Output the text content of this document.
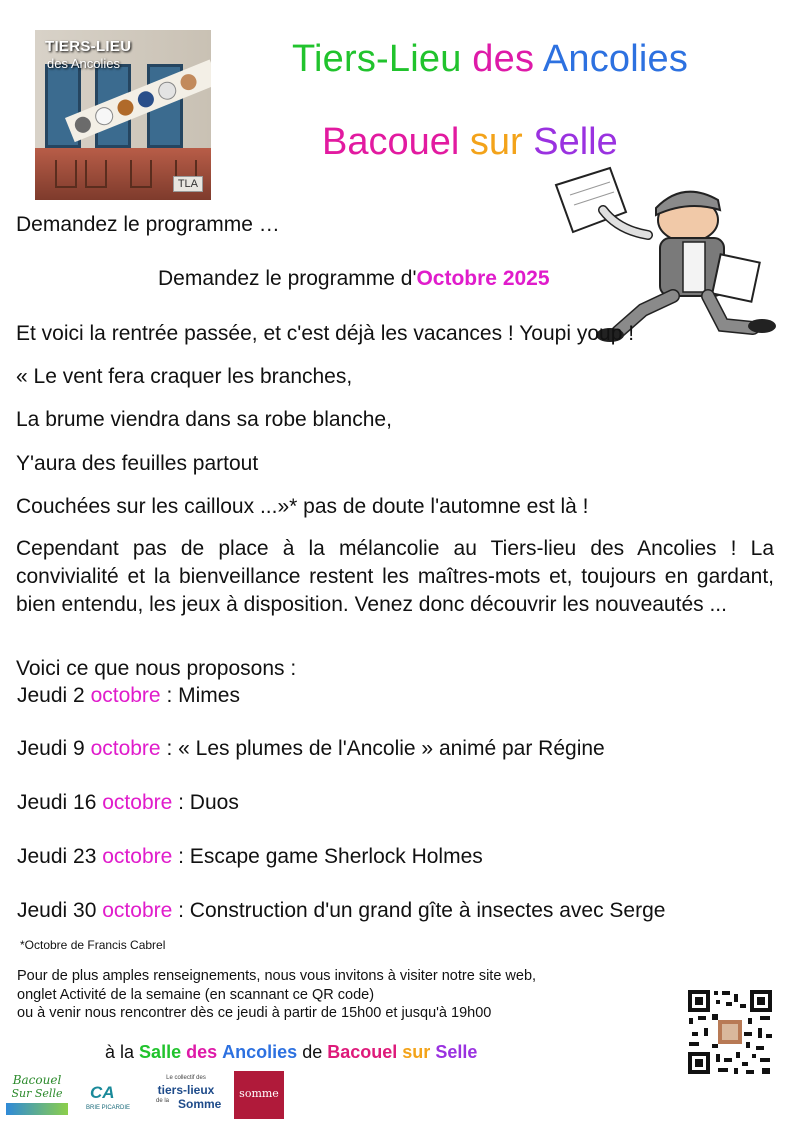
TIERS-LIEU
des Ancolies
TLA
Tiers-Lieu des Ancolies
Bacouel sur Selle
Demandez le programme …
Demandez le programme d'Octobre 2025
Et voici la rentrée passée, et c'est déjà les vacances ! Youpi youp !
« Le vent fera craquer les branches,
La brume viendra dans sa robe blanche,
Y'aura des feuilles partout
Couchées sur les cailloux ...»* pas de doute l'automne est là !
Cependant pas de place à la mélancolie au Tiers-lieu des Ancolies ! La convivialité et la bienveillance restent les maîtres-mots et, toujours en gardant, bien entendu, les jeux à disposition. Venez donc découvrir les nouveautés ...
Voici ce que nous proposons :
Jeudi 2 octobre : Mimes
Jeudi 9 octobre : « Les plumes de l'Ancolie » animé par Régine
Jeudi 16 octobre : Duos
Jeudi 23 octobre : Escape game Sherlock Holmes
Jeudi 30 octobre : Construction d'un grand gîte à insectes avec Serge
*Octobre de Francis Cabrel
Pour de plus amples renseignements, nous vous invitons à visiter notre site web,
onglet Activité de la semaine (en scannant ce QR code)
ou à venir nous rencontrer dès ce jeudi à partir de 15h00 et jusqu'à 19h00
à la Salle des Ancolies de Bacouel sur Selle
Bacouel
Sur Selle	CA
BRIE PICARDIE
Le collectif des
tiers-lieux
de la Somme
somme
